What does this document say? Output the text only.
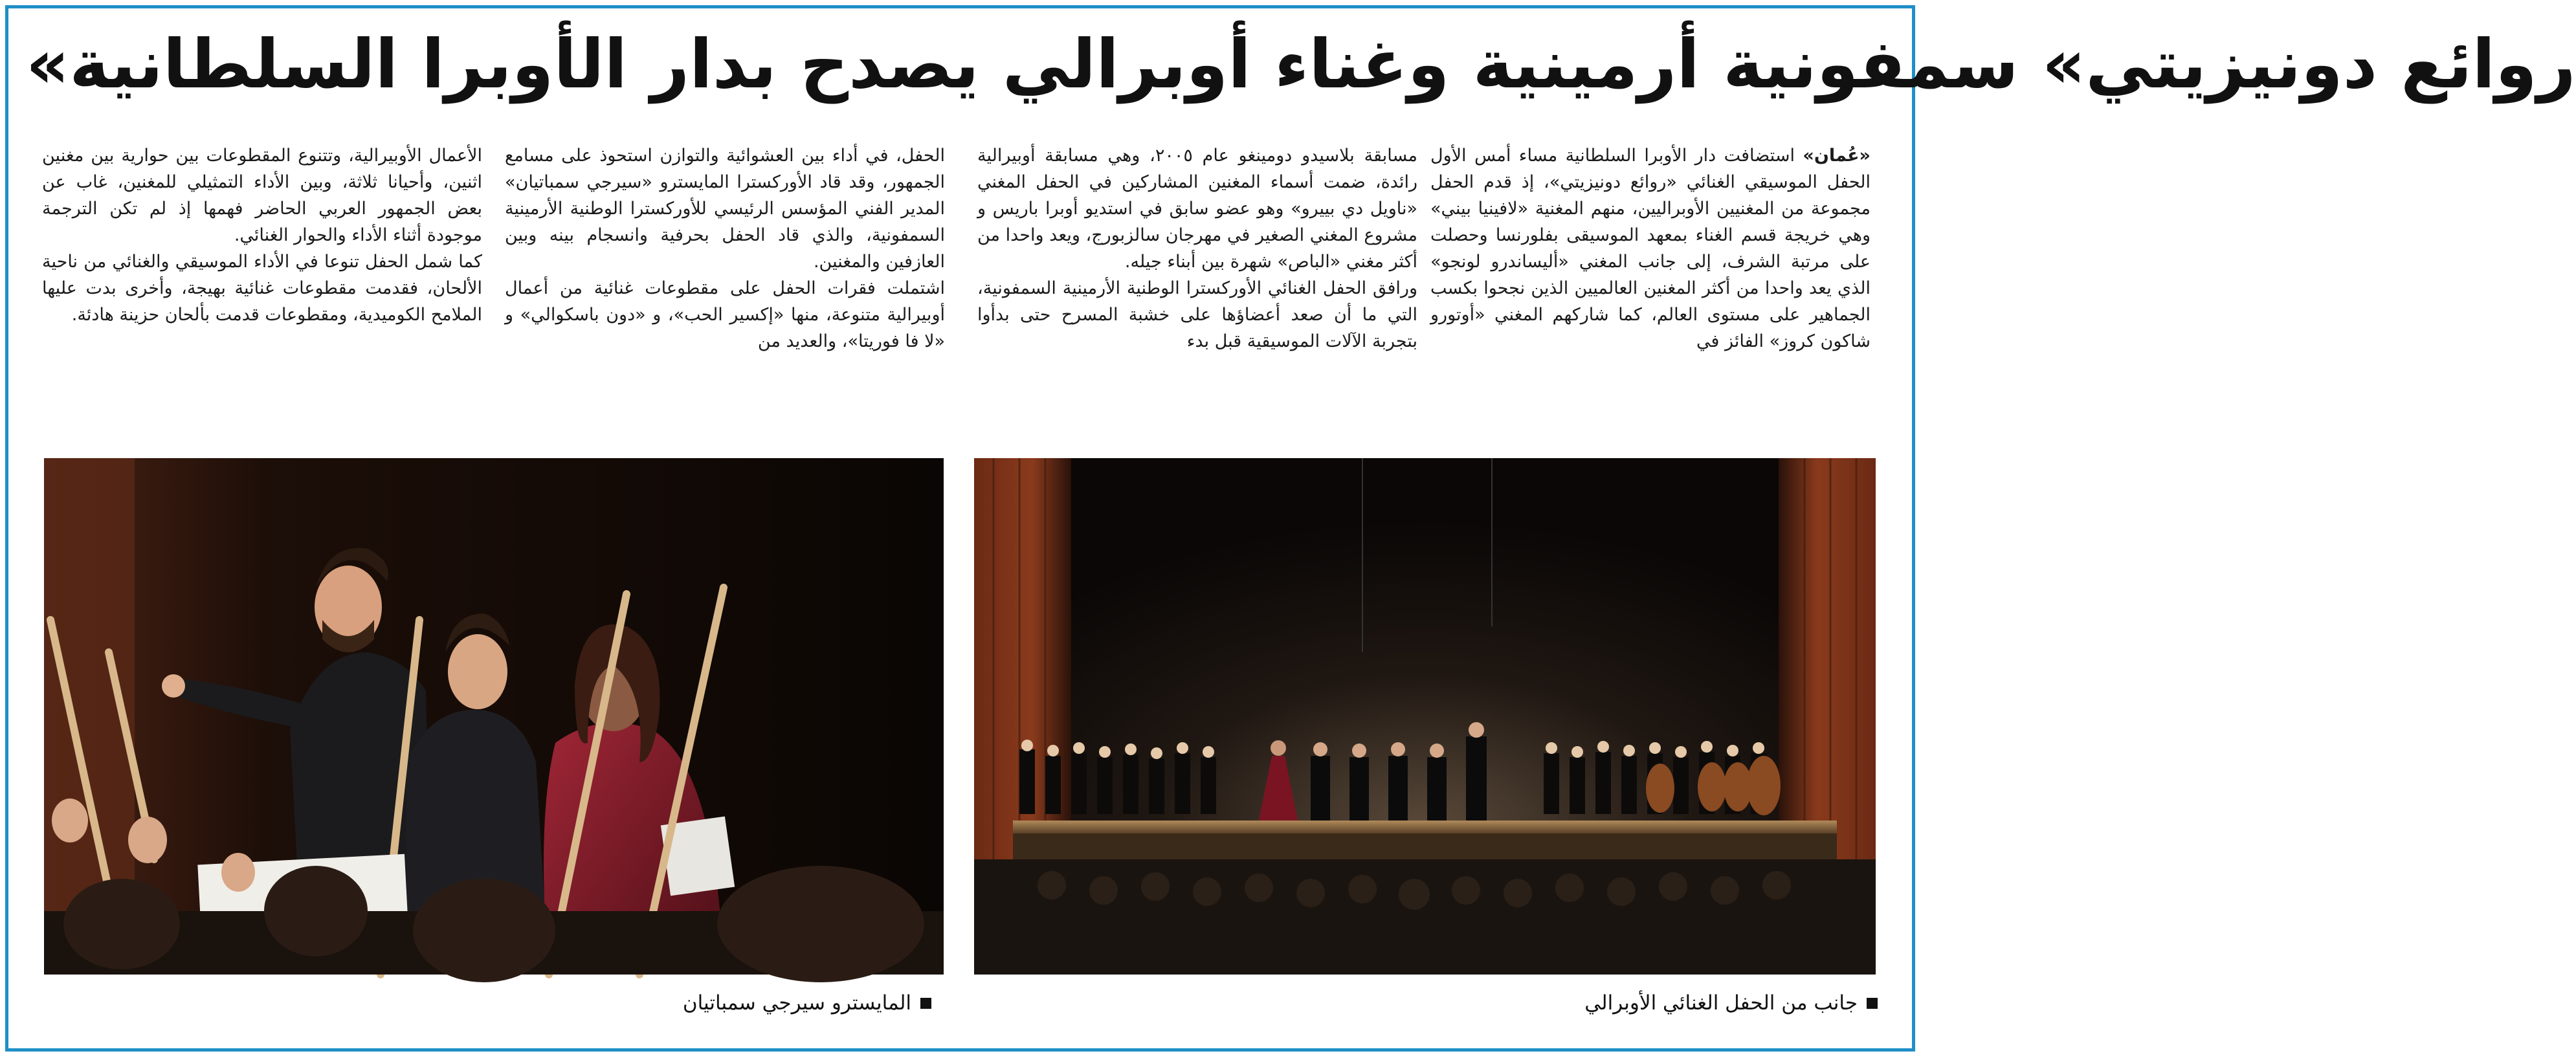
«روائع دونيزيتي» سمفونية أرمينية وغناء أوبرالي يصدح بدار الأوبرا السلطانية

«عُمان» استضافت دار الأوبرا السلطانية مساء أمس الأول الحفل الموسيقي الغنائي «روائع دونيزيتي»، إذ قدم الحفل مجموعة من المغنيين الأوبراليين، منهم المغنية «لافينيا بيني» وهي خريجة قسم الغناء بمعهد الموسيقى بفلورنسا وحصلت على مرتبة الشرف، إلى جانب المغني «أليساندرو لونجو» الذي يعد واحدا من أكثر المغنين العالميين الذين نجحوا بكسب الجماهير على مستوى العالم، كما شاركهم المغني «أوتورو شاكون كروز» الفائز في

مسابقة بلاسيدو دومينغو عام ٢٠٠٥، وهي مسابقة أوبيرالية رائدة، ضمت أسماء المغنين المشاركين في الحفل المغني «ناويل دي بييرو» وهو عضو سابق في استديو أوبرا باريس و مشروع المغني الصغير في مهرجان سالزبورج، ويعد واحدا من أكثر مغني «الباص» شهرة بين أبناء جيله.

ورافق الحفل الغنائي الأوركسترا الوطنية الأرمينية السمفونية، التي ما أن صعد أعضاؤها على خشبة المسرح حتى بدأوا بتجربة الآلات الموسيقية قبل بدء

الحفل، في أداء بين العشوائية والتوازن استحوذ على مسامع الجمهور، وقد قاد الأوركسترا المايسترو «سيرجي سمباتيان» المدير الفني المؤسس الرئيسي للأوركسترا الوطنية الأرمينية السمفونية، والذي قاد الحفل بحرفية وانسجام بينه وبين العازفين والمغنين.

اشتملت فقرات الحفل على مقطوعات غنائية من أعمال أوبيرالية متنوعة، منها «إكسير الحب»، و «دون باسكوالي» و «لا فا فوريتا»، والعديد من

الأعمال الأوبيرالية، وتتنوع المقطوعات بين حوارية بين مغنين اثنين، وأحيانا ثلاثة، وبين الأداء التمثيلي للمغنين، غاب عن بعض الجمهور العربي الحاضر فهمها إذ لم تكن الترجمة موجودة أثناء الأداء والحوار الغنائي.

كما شمل الحفل تنوعا في الأداء الموسيقي والغنائي من ناحية الألحان، فقدمت مقطوعات غنائية بهيجة، وأخرى بدت عليها الملامح الكوميدية، ومقطوعات قدمت بألحان حزينة هادئة.

جانب من الحفل الغنائي الأوبرالي
المايسترو سيرجي سمباتيان
